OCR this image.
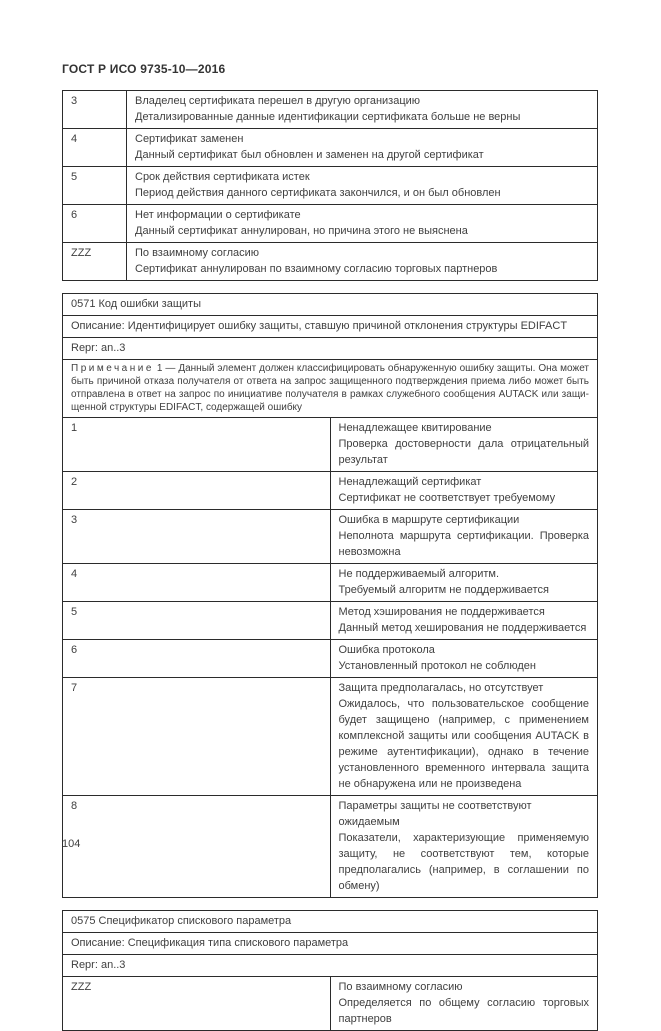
ГОСТ Р ИСО 9735-10—2016
3	Владелец сертификата перешел в другую организацию
Детализированные данные идентификации сертификата больше не верны

4	Сертификат заменен
Данный сертификат был обновлен и заменен на другой сертификат

5	Срок действия сертификата истек
Период действия данного сертификата закончился, и он был обновлен

6	Нет информации о сертификате
Данный сертификат аннулирован, но причина этого не выяснена

ZZZ	По взаимному согласию
Сертификат аннулирован по взаимному согласию торговых партнеров
0571 Код ошибки защиты	
Описание: Идентифицирует ошибку защиты, ставшую причиной отклонения структуры EDIFACT	
Repr: an..3	
Примечание 1 — Данный элемент должен классифицировать обнаруженную ошибку защиты. Она может быть причиной отказа получателя от ответа на запрос защищенного подтверждения приема либо может быть отправлена в ответ на запрос по инициативе получателя в рамках служебного сообщения AUTACK или защищенной структуры EDIFACT, содержащей ошибку	
1	Ненадлежащее квитирование
Проверка достоверности дала отрицательный результат

2	Ненадлежащий сертификат
Сертификат не соответствует требуемому

3	Ошибка в маршруте сертификации
Неполнота маршрута сертификации. Проверка невозможна

4	Не поддерживаемый алгоритм.
Требуемый алгоритм не поддерживается

5	Метод хэширования не поддерживается
Данный метод хеширования не поддерживается

6	Ошибка протокола
Установленный протокол не соблюден

7	Защита предполагалась, но отсутствует
Ожидалось, что пользовательское сообщение будет защищено (например, с применением комплексной защиты или сообщения AUTACK в режиме аутентификации), однако в течение установленного временного интервала защита не обнаружена или не произведена

8	Параметры защиты не соответствуют ожидаемым
Показатели, характеризующие применяемую защиту, не соответствуют тем, которые предполагались (например, в соглашении по обмену)
0575 Спецификатор спискового параметра
Описание: Спецификация типа спискового параметра
Repr: an..3
ZZZ	По взаимному согласию
Определяется по общему согласию торговых партнеров
104
